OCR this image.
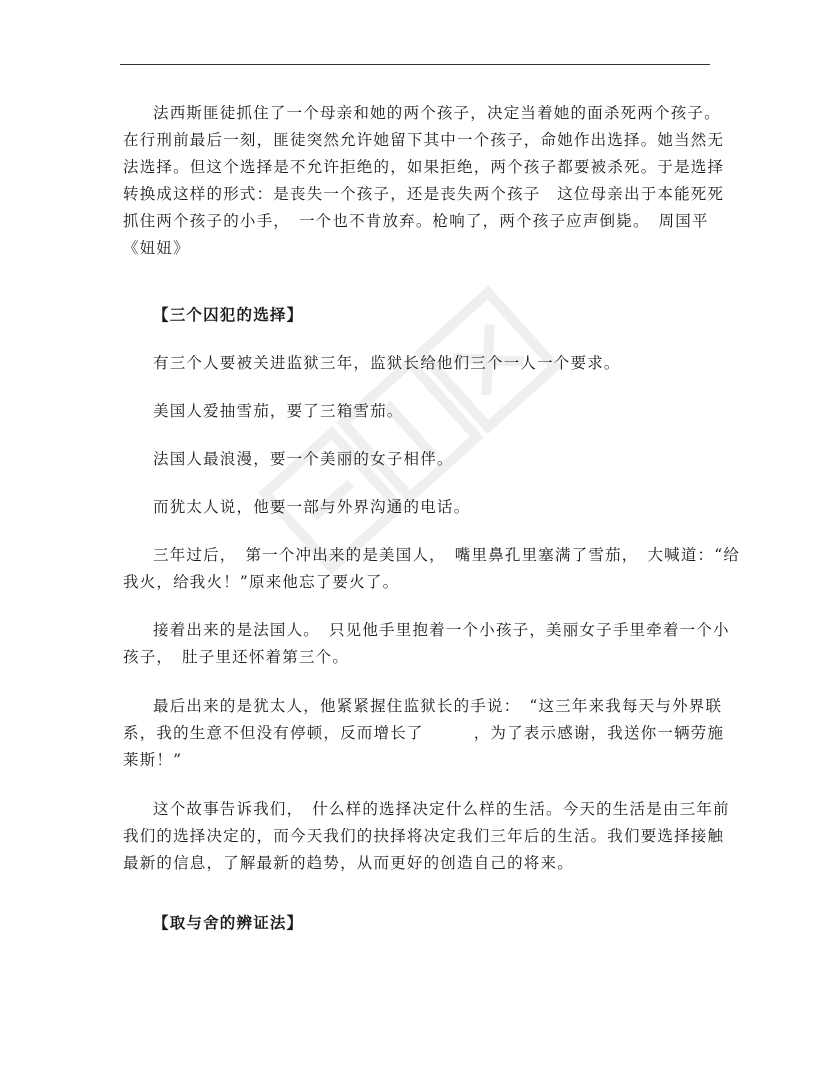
法西斯匪徒抓住了一个母亲和她的两个孩子，决定当着她的面杀死两个孩子。
在行刑前最后一刻，匪徒突然允许她留下其中一个孩子，命她作出选择。她当然无
法选择。但这个选择是不允许拒绝的，如果拒绝，两个孩子都要被杀死。于是选择
转换成这样的形式：是丧失一个孩子，还是丧失两个孩子　这位母亲出于本能死死
抓住两个孩子的小手，　一个也不肯放弃。枪响了，两个孩子应声倒毙。　周国平
《妞妞》
【三个囚犯的选择】
有三个人要被关进监狱三年，监狱长给他们三个一人一个要求。
美国人爱抽雪茄，要了三箱雪茄。
法国人最浪漫，要一个美丽的女子相伴。
而犹太人说，他要一部与外界沟通的电话。
三年过后，　第一个冲出来的是美国人，　嘴里鼻孔里塞满了雪茄，　大喊道：“给
我火，给我火！”原来他忘了要火了。
接着出来的是法国人。　只见他手里抱着一个小孩子，美丽女子手里牵着一个小
孩子，　肚子里还怀着第三个。
最后出来的是犹太人，他紧紧握住监狱长的手说：　“这三年来我每天与外界联
系，我的生意不但没有停顿，反而增长了　　　，为了表示感谢，我送你一辆劳施
莱斯！”
这个故事告诉我们，　什么样的选择决定什么样的生活。今天的生活是由三年前
我们的选择决定的，而今天我们的抉择将决定我们三年后的生活。我们要选择接触
最新的信息，了解最新的趋势，从而更好的创造自己的将来。
【取与舍的辨证法】
